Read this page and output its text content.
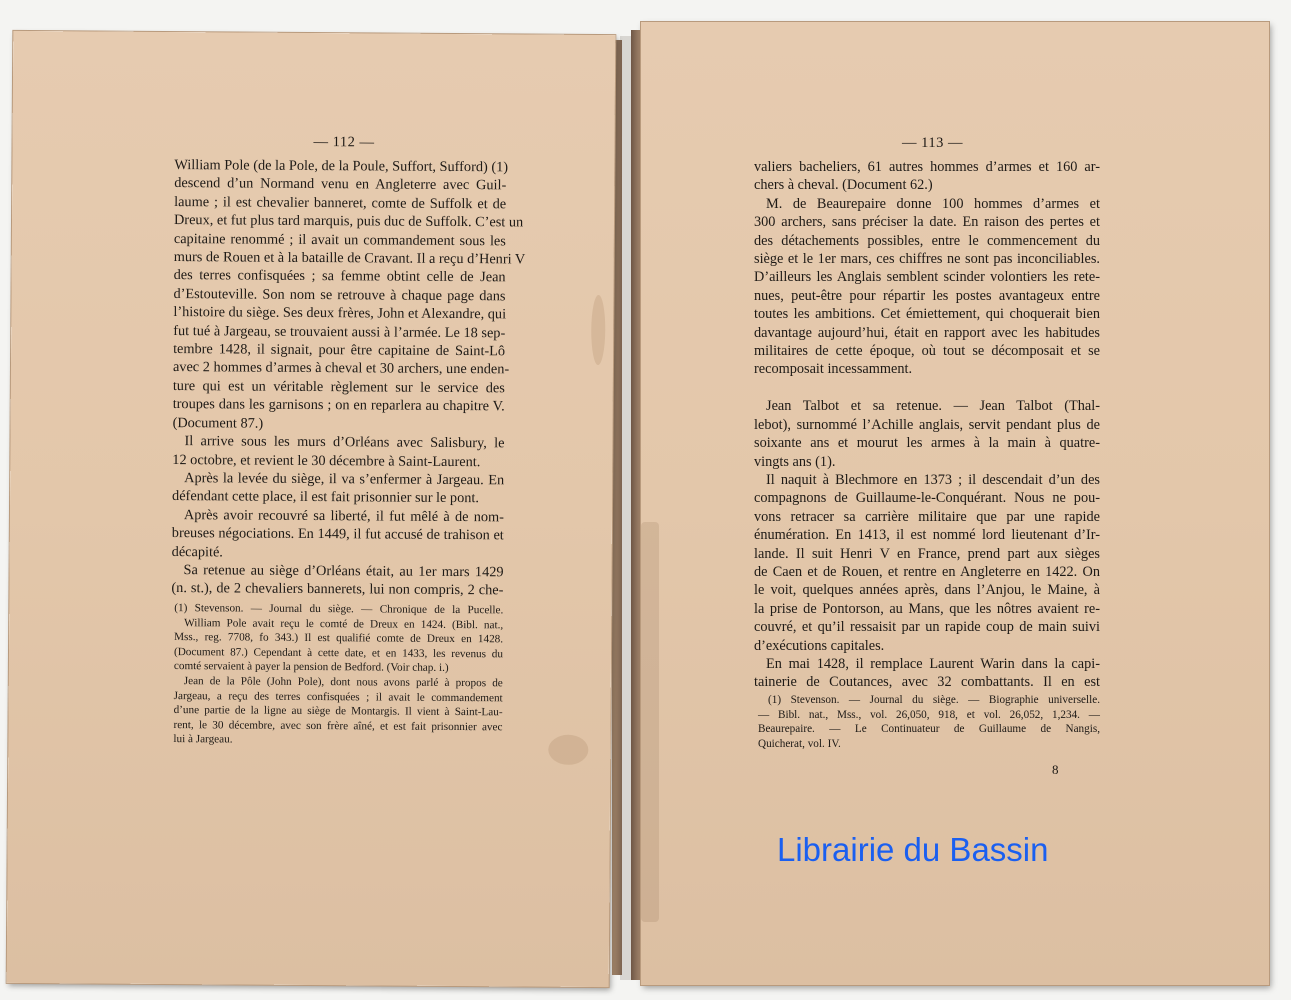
— 112 —
William Pole (de la Pole, de la Poule, Suffort, Sufford) (1)
descend d’un Normand venu en Angleterre avec Guil-
laume ; il est chevalier banneret, comte de Suffolk et de
Dreux, et fut plus tard marquis, puis duc de Suffolk. C’est un
capitaine renommé ; il avait un commandement sous les
murs de Rouen et à la bataille de Cravant. Il a reçu d’Henri V
des terres confisquées ; sa femme obtint celle de Jean
d’Estouteville. Son nom se retrouve à chaque page dans
l’histoire du siège. Ses deux frères, John et Alexandre, qui
fut tué à Jargeau, se trouvaient aussi à l’armée. Le 18 sep-
tembre 1428, il signait, pour être capitaine de Saint-Lô
avec 2 hommes d’armes à cheval et 30 archers, une enden-
ture qui est un véritable règlement sur le service des
troupes dans les garnisons ; on en reparlera au chapitre V.
(Document 87.)
Il arrive sous les murs d’Orléans avec Salisbury, le
12 octobre, et revient le 30 décembre à Saint-Laurent.
Après la levée du siège, il va s’enfermer à Jargeau. En
défendant cette place, il est fait prisonnier sur le pont.
Après avoir recouvré sa liberté, il fut mêlé à de nom-
breuses négociations. En 1449, il fut accusé de trahison et
décapité.
Sa retenue au siège d’Orléans était, au 1er mars 1429
(n. st.), de 2 chevaliers bannerets, lui non compris, 2 che-
(1) Stevenson. — Journal du siège. — Chronique de la Pucelle.
William Pole avait reçu le comté de Dreux en 1424. (Bibl. nat.,
Mss., reg. 7708, fo 343.) Il est qualifié comte de Dreux en 1428.
(Document 87.) Cependant à cette date, et en 1433, les revenus du
comté servaient à payer la pension de Bedford. (Voir chap. i.)
Jean de la Pôle (John Pole), dont nous avons parlé à propos de
Jargeau, a reçu des terres confisquées ; il avait le commandement
d’une partie de la ligne au siège de Montargis. Il vient à Saint-Lau-
rent, le 30 décembre, avec son frère aîné, et est fait prisonnier avec
lui à Jargeau.
— 113 —
valiers bacheliers, 61 autres hommes d’armes et 160 ar-
chers à cheval. (Document 62.)
M. de Beaurepaire donne 100 hommes d’armes et
300 archers, sans préciser la date. En raison des pertes et
des détachements possibles, entre le commencement du
siège et le 1er mars, ces chiffres ne sont pas inconciliables.
D’ailleurs les Anglais semblent scinder volontiers les rete-
nues, peut-être pour répartir les postes avantageux entre
toutes les ambitions. Cet émiettement, qui choquerait bien
davantage aujourd’hui, était en rapport avec les habitudes
militaires de cette époque, où tout se décomposait et se
recomposait incessamment.

Jean Talbot et sa retenue. — Jean Talbot (Thal-
lebot), surnommé l’Achille anglais, servit pendant plus de
soixante ans et mourut les armes à la main à quatre-
vingts ans (1).
Il naquit à Blechmore en 1373 ; il descendait d’un des
compagnons de Guillaume-le-Conquérant. Nous ne pou-
vons retracer sa carrière militaire que par une rapide
énumération. En 1413, il est nommé lord lieutenant d’Ir-
lande. Il suit Henri V en France, prend part aux sièges
de Caen et de Rouen, et rentre en Angleterre en 1422. On
le voit, quelques années après, dans l’Anjou, le Maine, à
la prise de Pontorson, au Mans, que les nôtres avaient re-
couvré, et qu’il ressaisit par un rapide coup de main suivi
d’exécutions capitales.
En mai 1428, il remplace Laurent Warin dans la capi-
tainerie de Coutances, avec 32 combattants. Il en est
(1) Stevenson. — Journal du siège. — Biographie universelle.
— Bibl. nat., Mss., vol. 26,050, 918, et vol. 26,052, 1,234. —
Beaurepaire. — Le Continuateur de Guillaume de Nangis,
Quicherat, vol. IV.
8
Librairie du Bassin
